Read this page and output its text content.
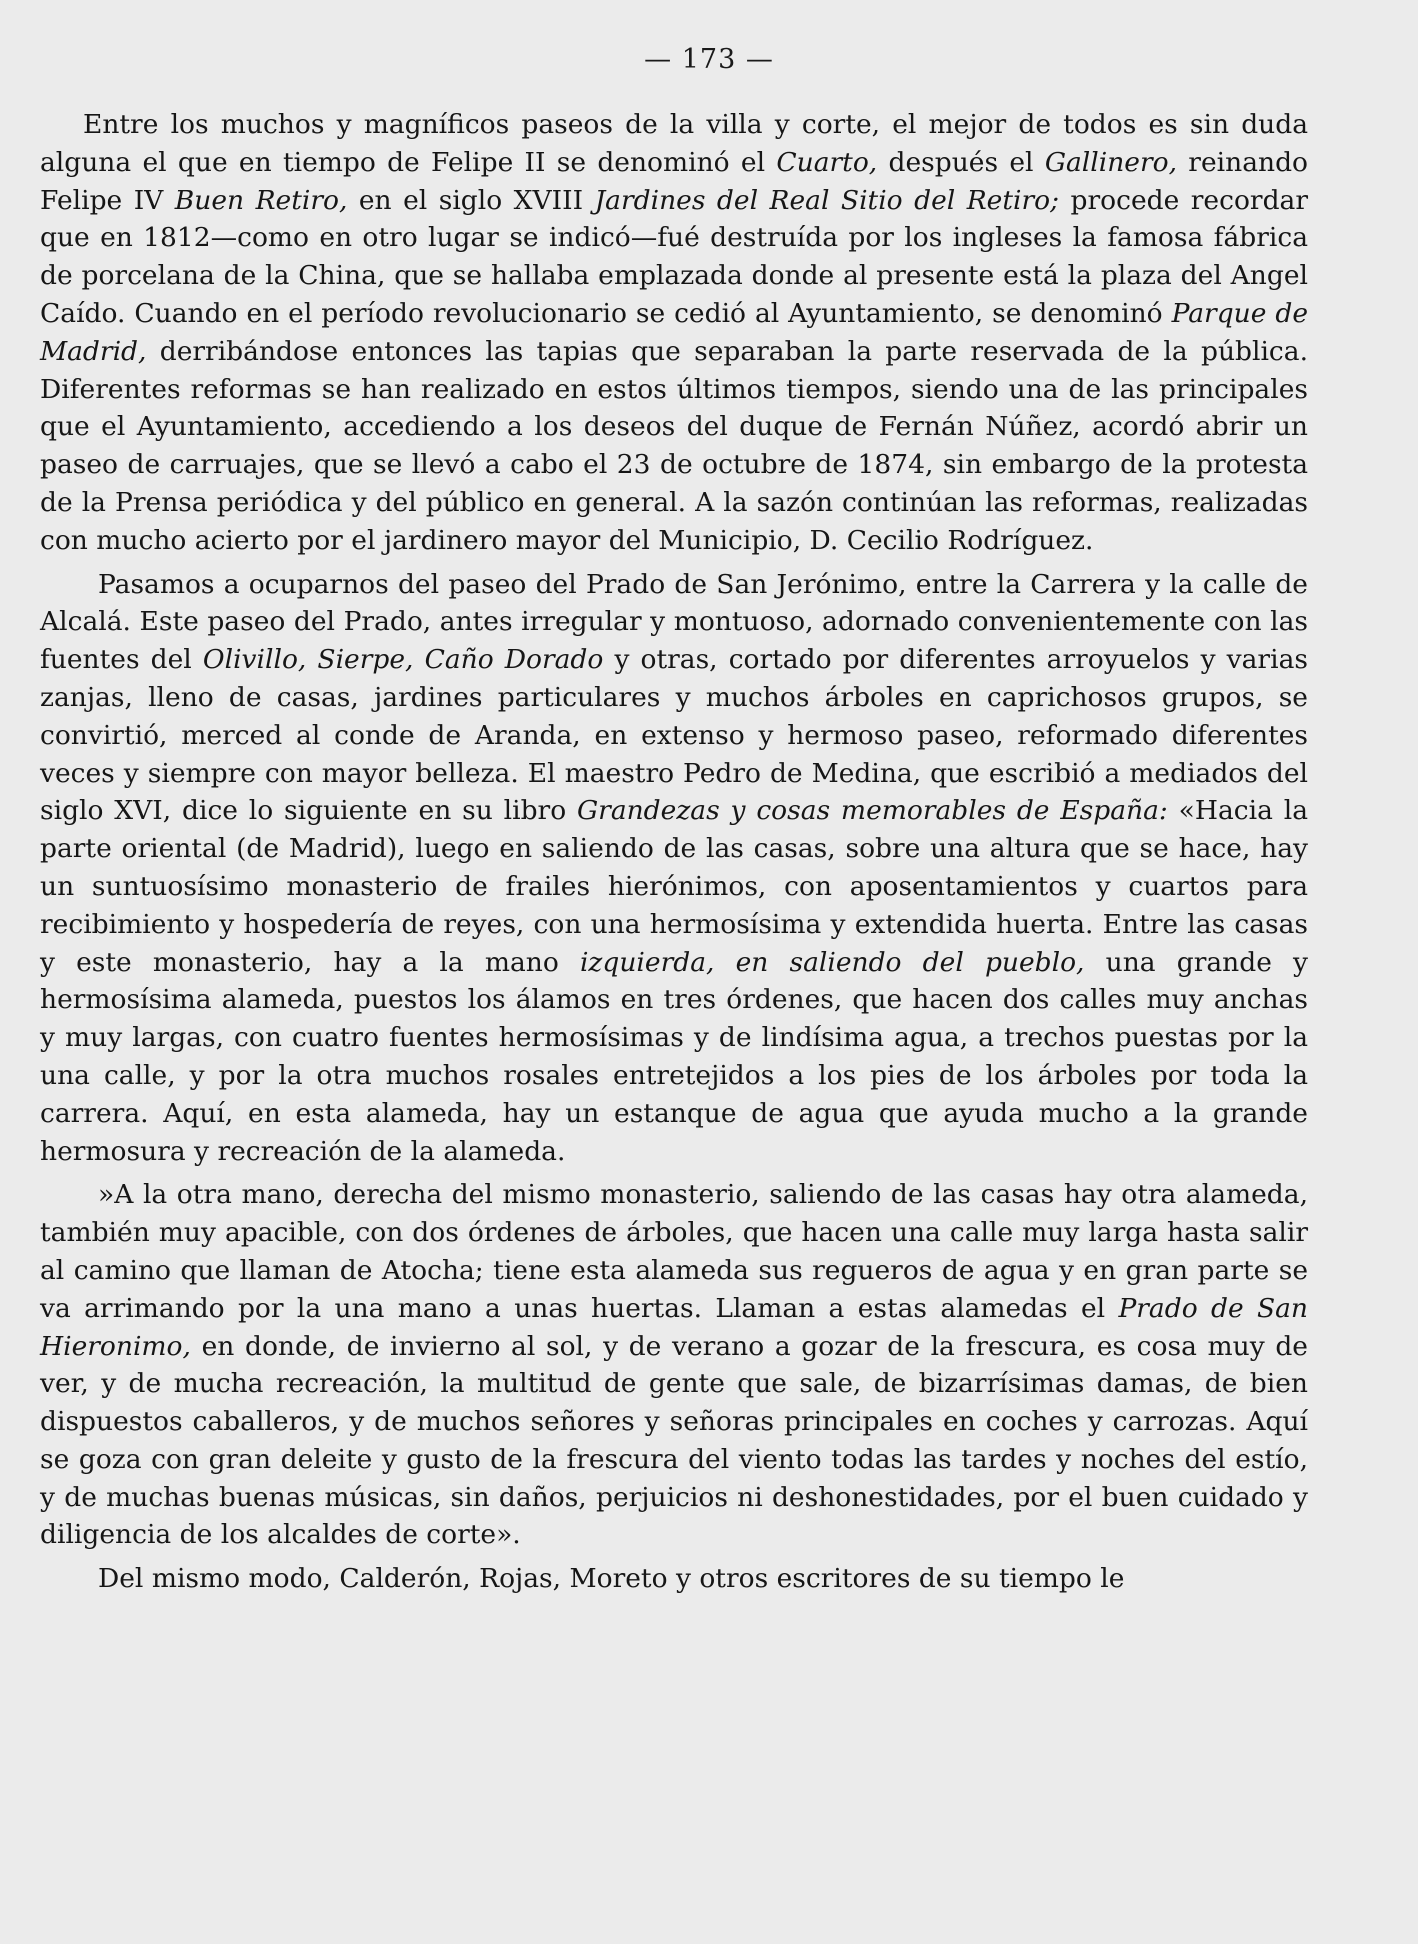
— 173 —

Entre los muchos y magníficos paseos de la villa y corte, el mejor de todos es sin duda alguna el que en tiempo de Felipe II se denominó el Cuarto, después el Gallinero, reinando Felipe IV Buen Retiro, en el siglo XVIII Jardines del Real Sitio del Retiro; procede recordar que en 1812—como en otro lugar se indicó—fué destruída por los ingleses la famosa fábrica de porcelana de la China, que se hallaba emplazada donde al presente está la plaza del Angel Caído. Cuando en el período revolucionario se cedió al Ayuntamiento, se denominó Parque de Madrid, derribándose entonces las tapias que separaban la parte reservada de la pública. Diferentes reformas se han realizado en estos últimos tiempos, siendo una de las principales que el Ayuntamiento, accediendo a los deseos del duque de Fernán Núñez, acordó abrir un paseo de carruajes, que se llevó a cabo el 23 de octubre de 1874, sin embargo de la protesta de la Prensa periódica y del público en general. A la sazón continúan las reformas, realizadas con mucho acierto por el jardinero mayor del Municipio, D. Cecilio Rodríguez.

Pasamos a ocuparnos del paseo del Prado de San Jerónimo, entre la Carrera y la calle de Alcalá. Este paseo del Prado, antes irregular y montuoso, adornado convenientemente con las fuentes del Olivillo, Sierpe, Caño Dorado y otras, cortado por diferentes arroyuelos y varias zanjas, lleno de casas, jardines particulares y muchos árboles en caprichosos grupos, se convirtió, merced al conde de Aranda, en extenso y hermoso paseo, reformado diferentes veces y siempre con mayor belleza. El maestro Pedro de Medina, que escribió a mediados del siglo XVI, dice lo siguiente en su libro Grandezas y cosas memorables de España: «Hacia la parte oriental (de Madrid), luego en saliendo de las casas, sobre una altura que se hace, hay un suntuosísimo monasterio de frailes hierónimos, con aposentamientos y cuartos para recibimiento y hospedería de reyes, con una hermosísima y extendida huerta. Entre las casas y este monasterio, hay a la mano izquierda, en saliendo del pueblo, una grande y hermosísima alameda, puestos los álamos en tres órdenes, que hacen dos calles muy anchas y muy largas, con cuatro fuentes hermosísimas y de lindísima agua, a trechos puestas por la una calle, y por la otra muchos rosales entretejidos a los pies de los árboles por toda la carrera. Aquí, en esta alameda, hay un estanque de agua que ayuda mucho a la grande hermosura y recreación de la alameda.

»A la otra mano, derecha del mismo monasterio, saliendo de las casas hay otra alameda, también muy apacible, con dos órdenes de árboles, que hacen una calle muy larga hasta salir al camino que llaman de Atocha; tiene esta alameda sus regueros de agua y en gran parte se va arrimando por la una mano a unas huertas. Llaman a estas alamedas el Prado de San Hieronimo, en donde, de invierno al sol, y de verano a gozar de la frescura, es cosa muy de ver, y de mucha recreación, la multitud de gente que sale, de bizarrísimas damas, de bien dispuestos caballeros, y de muchos señores y señoras principales en coches y carrozas. Aquí se goza con gran deleite y gusto de la frescura del viento todas las tardes y noches del estío, y de muchas buenas músicas, sin daños, perjuicios ni deshonestidades, por el buen cuidado y diligencia de los alcaldes de corte».

Del mismo modo, Calderón, Rojas, Moreto y otros escritores de su tiempo le
